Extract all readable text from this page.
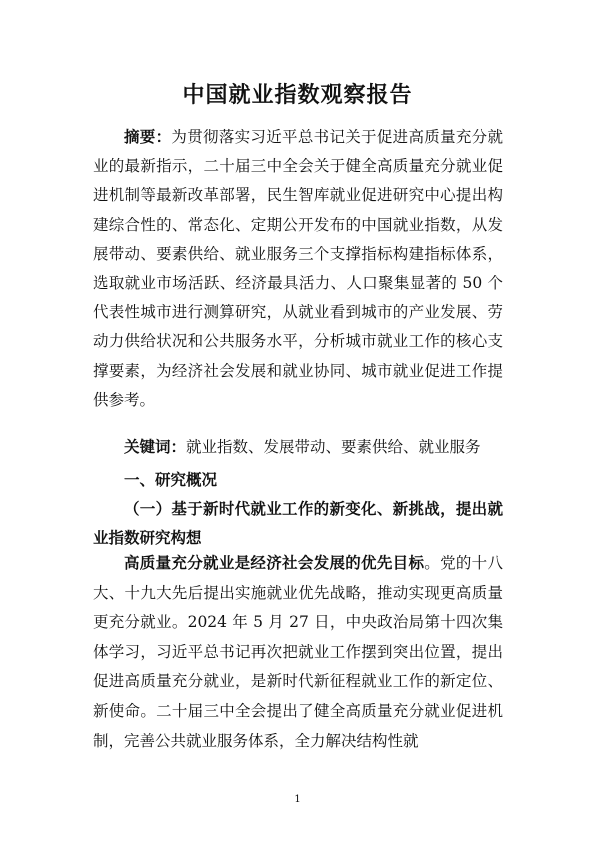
中国就业指数观察报告
摘要：为贯彻落实习近平总书记关于促进高质量充分就业的最新指示，二十届三中全会关于健全高质量充分就业促进机制等最新改革部署，民生智库就业促进研究中心提出构建综合性的、常态化、定期公开发布的中国就业指数，从发展带动、要素供给、就业服务三个支撑指标构建指标体系，选取就业市场活跃、经济最具活力、人口聚集显著的 50 个代表性城市进行测算研究，从就业看到城市的产业发展、劳动力供给状况和公共服务水平，分析城市就业工作的核心支撑要素，为经济社会发展和就业协同、城市就业促进工作提供参考。
关键词：就业指数、发展带动、要素供给、就业服务
一、研究概况
（一）基于新时代就业工作的新变化、新挑战，提出就业指数研究构想
高质量充分就业是经济社会发展的优先目标。党的十八大、十九大先后提出实施就业优先战略，推动实现更高质量更充分就业。2024 年 5 月 27 日，中央政治局第十四次集体学习，习近平总书记再次把就业工作摆到突出位置，提出促进高质量充分就业，是新时代新征程就业工作的新定位、新使命。二十届三中全会提出了健全高质量充分就业促进机制，完善公共就业服务体系，全力解决结构性就
1
